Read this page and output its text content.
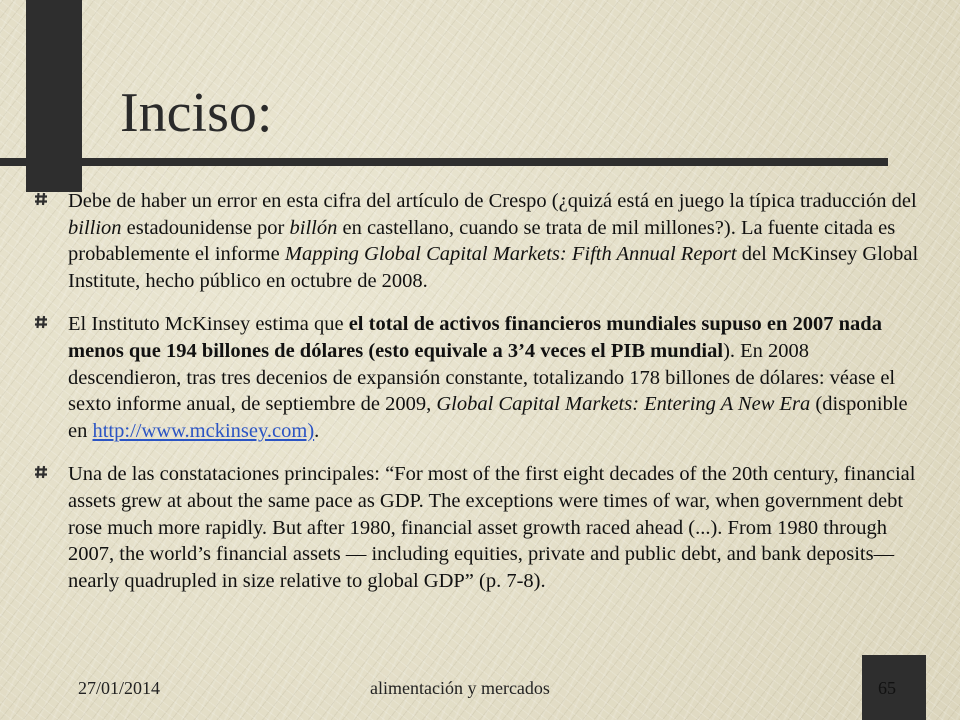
Inciso:
Debe de haber un error en esta cifra del artículo de Crespo (¿quizá está en juego la típica traducción del billion estadounidense por billón en castellano, cuando se trata de mil millones?). La fuente citada es probablemente el informe Mapping Global Capital Markets: Fifth Annual Report del McKinsey Global Institute, hecho público en octubre de 2008.
El Instituto McKinsey estima que el total de activos financieros mundiales supuso en 2007 nada menos que 194 billones de dólares (esto equivale a 3’4 veces el PIB mundial). En 2008 descendieron, tras tres decenios de expansión constante, totalizando 178 billones de dólares: véase el sexto informe anual, de septiembre de 2009, Global Capital Markets: Entering A New Era (disponible en http://www.mckinsey.com).
Una de las constataciones principales: “For most of the first eight decades of the 20th century, financial assets grew at about the same pace as GDP. The exceptions were times of war, when government debt rose much more rapidly. But after 1980, financial asset growth raced ahead (...). From 1980 through 2007, the world’s financial assets — including equities, private and public debt, and bank deposits— nearly quadrupled in size relative to global GDP” (p. 7-8).
27/01/2014	alimentación y mercados	65
